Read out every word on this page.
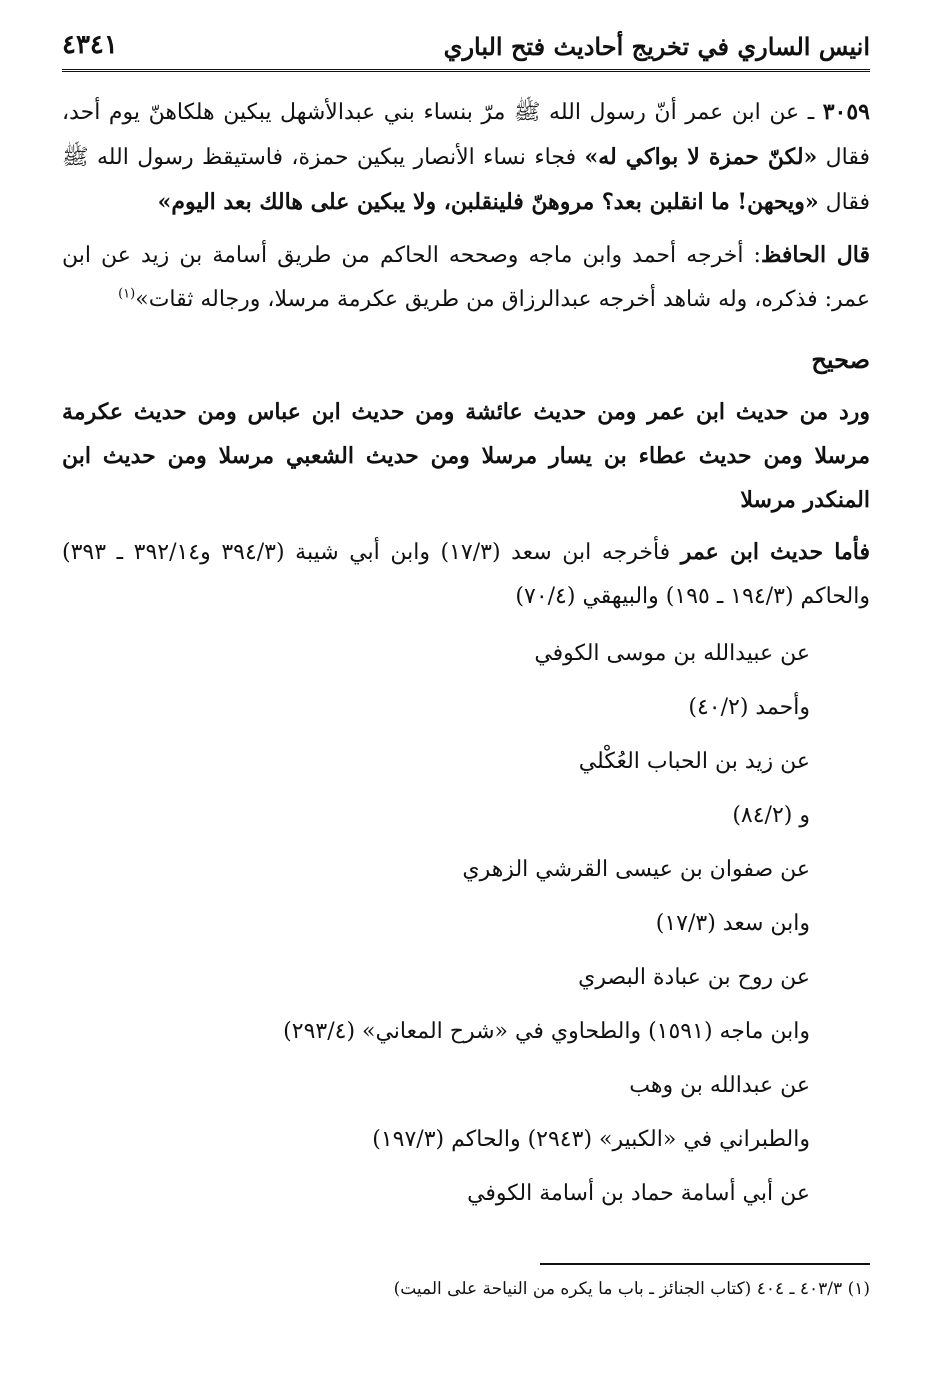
انيس الساري في تخريج أحاديث فتح الباري
٤٣٤١

٣٠٥٩ ـ عن ابن عمر أنّ رسول الله ﷺ مرّ بنساء بني عبدالأشهل يبكين هلكاهنّ يوم أحد، فقال «لكنّ حمزة لا بواكي له» فجاء نساء الأنصار يبكين حمزة، فاستيقظ رسول الله ﷺ فقال «ويحهن! ما انقلبن بعد؟ مروهنّ فلينقلبن، ولا يبكين على هالك بعد اليوم»

قال الحافظ: أخرجه أحمد وابن ماجه وصححه الحاكم من طريق أسامة بن زيد عن ابن عمر: فذكره، وله شاهد أخرجه عبدالرزاق من طريق عكرمة مرسلا، ورجاله ثقات»$^{(١)}$

صحيح

ورد من حديث ابن عمر ومن حديث عائشة ومن حديث ابن عباس ومن حديث عكرمة مرسلا ومن حديث عطاء بن يسار مرسلا ومن حديث الشعبي مرسلا ومن حديث ابن المنكدر مرسلا

فأما حديث ابن عمر فأخرجه ابن سعد (١٧/٣) وابن أبي شيبة (٣٩٤/٣ و٣٩٢/١٤ ـ ٣٩٣) والحاكم (١٩٤/٣ ـ ١٩٥) والبيهقي (٧٠/٤)

عن عبيدالله بن موسى الكوفي
وأحمد (٤٠/٢)
عن زيد بن الحباب العُكْلي
و (٨٤/٢)
عن صفوان بن عيسى القرشي الزهري
وابن سعد (١٧/٣)
عن روح بن عبادة البصري
وابن ماجه (١٥٩١) والطحاوي في «شرح المعاني» (٢٩٣/٤)
عن عبدالله بن وهب
والطبراني في «الكبير» (٢٩٤٣) والحاكم (١٩٧/٣)
عن أبي أسامة حماد بن أسامة الكوفي
(١) ٤٠٣/٣ ـ ٤٠٤ (كتاب الجنائز ـ باب ما يكره من النياحة على الميت)
